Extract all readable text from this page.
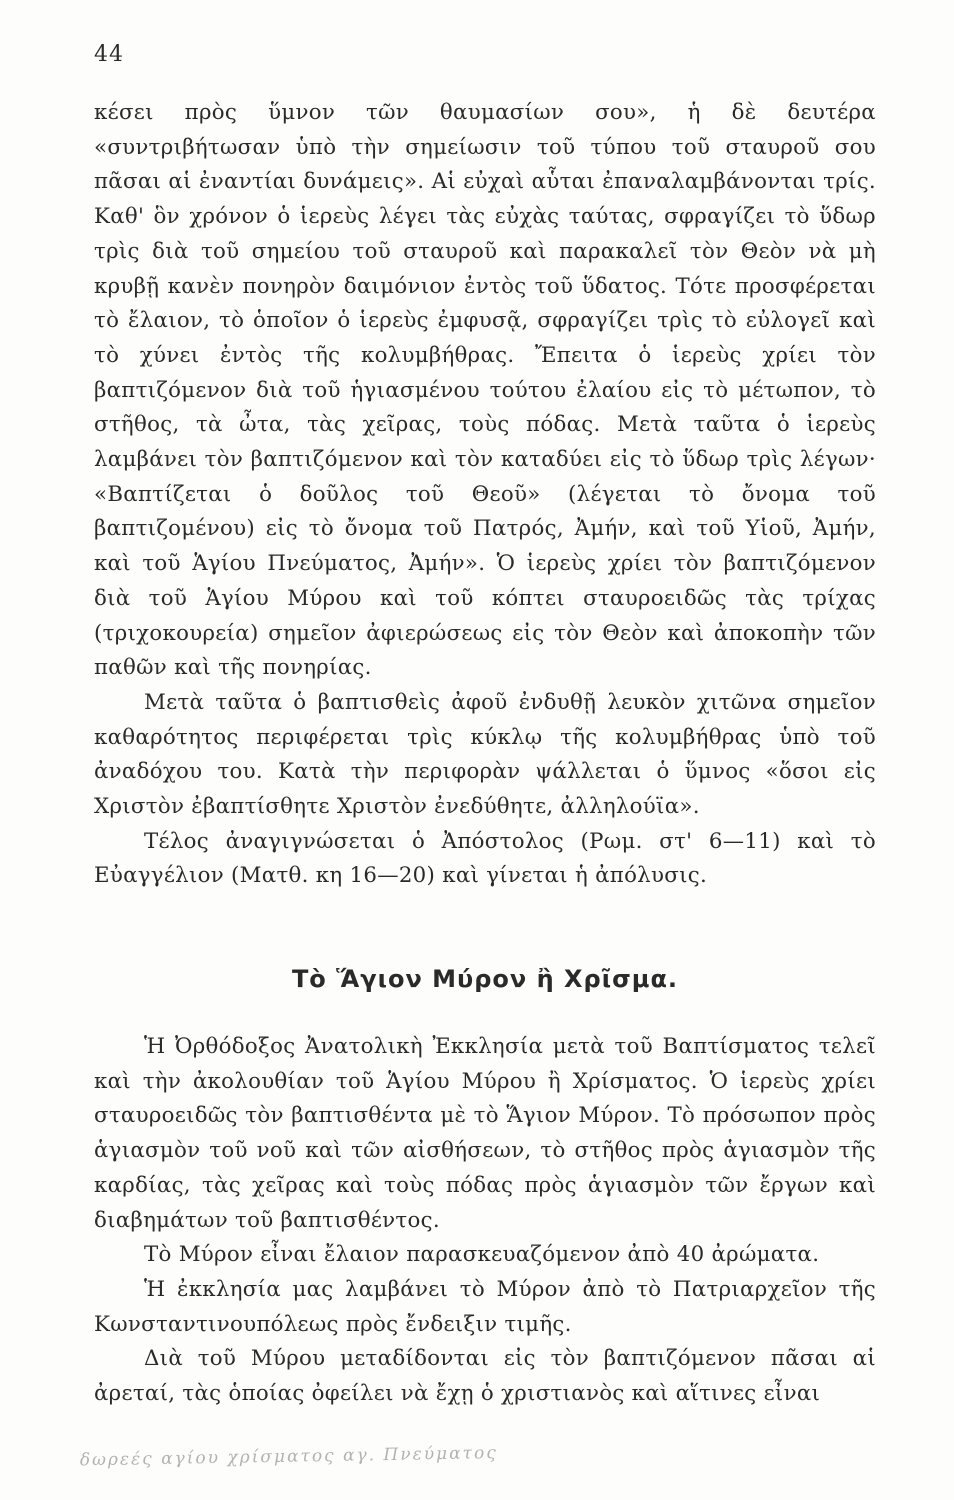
44

κέσει πρὸς ὕμνον τῶν θαυμασίων σου», ἡ δὲ δευτέρα «συντριβήτωσαν ὑπὸ τὴν σημείωσιν τοῦ τύπου τοῦ σταυροῦ σου πᾶσαι αἱ ἐναντίαι δυνάμεις». Αἱ εὐχαὶ αὗται ἐπαναλαμβάνονται τρίς. Καθ' ὃν χρόνον ὁ ἱερεὺς λέγει τὰς εὐχὰς ταύτας, σφραγίζει τὸ ὕδωρ τρὶς διὰ τοῦ σημείου τοῦ σταυροῦ καὶ παρακαλεῖ τὸν Θεὸν νὰ μὴ κρυβῇ κανὲν πονηρὸν δαιμόνιον ἐντὸς τοῦ ὕδατος. Τότε προσφέρεται τὸ ἔλαιον, τὸ ὁποῖον ὁ ἱερεὺς ἐμφυσᾷ, σφραγίζει τρὶς τὸ εὐλογεῖ καὶ τὸ χύνει ἐντὸς τῆς κολυμβήθρας. Ἔπειτα ὁ ἱερεὺς χρίει τὸν βαπτιζόμενον διὰ τοῦ ἡγιασμένου τούτου ἐλαίου εἰς τὸ μέτωπον, τὸ στῆθος, τὰ ὦτα, τὰς χεῖρας, τοὺς πόδας. Μετὰ ταῦτα ὁ ἱερεὺς λαμβάνει τὸν βαπτιζόμενον καὶ τὸν καταδύει εἰς τὸ ὕδωρ τρὶς λέγων· «Βαπτίζεται ὁ δοῦλος τοῦ Θεοῦ» (λέγεται τὸ ὄνομα τοῦ βαπτιζομένου) εἰς τὸ ὄνομα τοῦ Πατρός, Ἀμήν, καὶ τοῦ Υἱοῦ, Ἀμήν, καὶ τοῦ Ἁγίου Πνεύματος, Ἀμήν». Ὁ ἱερεὺς χρίει τὸν βαπτιζόμενον διὰ τοῦ Ἁγίου Μύρου καὶ τοῦ κόπτει σταυροειδῶς τὰς τρίχας (τριχοκουρεία) σημεῖον ἀφιερώσεως εἰς τὸν Θεὸν καὶ ἀποκοπὴν τῶν παθῶν καὶ τῆς πονηρίας.

Μετὰ ταῦτα ὁ βαπτισθεὶς ἀφοῦ ἐνδυθῇ λευκὸν χιτῶνα σημεῖον καθαρότητος περιφέρεται τρὶς κύκλῳ τῆς κολυμβήθρας ὑπὸ τοῦ ἀναδόχου του. Κατὰ τὴν περιφορὰν ψάλλεται ὁ ὕμνος «ὅσοι εἰς Χριστὸν ἐβαπτίσθητε Χριστὸν ἐνεδύθητε, ἀλληλούϊα».

Τέλος ἀναγιγνώσεται ὁ Ἀπόστολος (Ρωμ. στ' 6—11) καὶ τὸ Εὐαγγέλιον (Ματθ. κη 16—20) καὶ γίνεται ἡ ἀπόλυσις.

Τὸ Ἅγιον Μύρον ἢ Χρῖσμα.

Ἡ Ὀρθόδοξος Ἀνατολικὴ Ἐκκλησία μετὰ τοῦ Βαπτίσματος τελεῖ καὶ τὴν ἀκολουθίαν τοῦ Ἁγίου Μύρου ἢ Χρίσματος. Ὁ ἱερεὺς χρίει σταυροειδῶς τὸν βαπτισθέντα μὲ τὸ Ἅγιον Μύρον. Τὸ πρόσωπον πρὸς ἁγιασμὸν τοῦ νοῦ καὶ τῶν αἰσθήσεων, τὸ στῆθος πρὸς ἁγιασμὸν τῆς καρδίας, τὰς χεῖρας καὶ τοὺς πόδας πρὸς ἁγιασμὸν τῶν ἔργων καὶ διαβημάτων τοῦ βαπτισθέντος.

Τὸ Μύρον εἶναι ἔλαιον παρασκευαζόμενον ἀπὸ 40 ἀρώματα.

Ἡ ἐκκλησία μας λαμβάνει τὸ Μύρον ἀπὸ τὸ Πατριαρχεῖον τῆς Κωνσταντινουπόλεως πρὸς ἔνδειξιν τιμῆς.

Διὰ τοῦ Μύρου μεταδίδονται εἰς τὸν βαπτιζόμενον πᾶσαι αἱ ἀρεταί, τὰς ὁποίας ὀφείλει νὰ ἔχῃ ὁ χριστιανὸς καὶ αἵτινες εἶναι

δωρεές αγίου χρίσματος αγ. Πνεύματος
